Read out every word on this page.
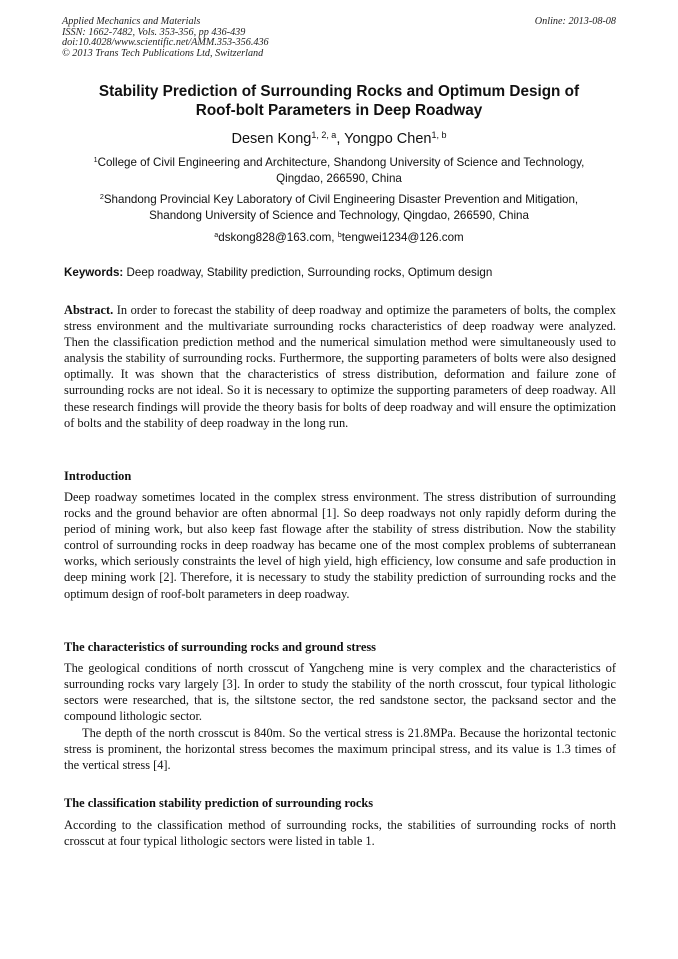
Applied Mechanics and Materials
ISSN: 1662-7482, Vols. 353-356, pp 436-439
doi:10.4028/www.scientific.net/AMM.353-356.436
© 2013 Trans Tech Publications Ltd, Switzerland
Online: 2013-08-08
Stability Prediction of Surrounding Rocks and Optimum Design of
Roof-bolt Parameters in Deep Roadway
Desen Kong$^{1, 2, a}$, Yongpo Chen$^{1, b}$
$^1$College of Civil Engineering and Architecture, Shandong University of Science and Technology,
Qingdao, 266590, China
$^2$Shandong Provincial Key Laboratory of Civil Engineering Disaster Prevention and Mitigation,
Shandong University of Science and Technology, Qingdao, 266590, China
$^a$dskong828@163.com, $^b$tengwei1234@126.com
Keywords: Deep roadway, Stability prediction, Surrounding rocks, Optimum design
Abstract. In order to forecast the stability of deep roadway and optimize the parameters of bolts, the complex stress environment and the multivariate surrounding rocks characteristics of deep roadway were analyzed. Then the classification prediction method and the numerical simulation method were simultaneously used to analysis the stability of surrounding rocks. Furthermore, the supporting parameters of bolts were also designed optimally. It was shown that the characteristics of stress distribution, deformation and failure zone of surrounding rocks are not ideal. So it is necessary to optimize the supporting parameters of deep roadway. All these research findings will provide the theory basis for bolts of deep roadway and will ensure the optimization of bolts and the stability of deep roadway in the long run.
Introduction
Deep roadway sometimes located in the complex stress environment. The stress distribution of surrounding rocks and the ground behavior are often abnormal [1]. So deep roadways not only rapidly deform during the period of mining work, but also keep fast flowage after the stability of stress distribution. Now the stability control of surrounding rocks in deep roadway has became one of the most complex problems of subterranean works, which seriously constraints the level of high yield, high efficiency, low consume and safe production in deep mining work [2]. Therefore, it is necessary to study the stability prediction of surrounding rocks and the optimum design of roof-bolt parameters in deep roadway.
The characteristics of surrounding rocks and ground stress
The geological conditions of north crosscut of Yangcheng mine is very complex and the characteristics of surrounding rocks vary largely [3]. In order to study the stability of the north crosscut, four typical lithologic sectors were researched, that is, the siltstone sector, the red sandstone sector, the packsand sector and the compound lithologic sector.
The depth of the north crosscut is 840m. So the vertical stress is 21.8MPa. Because the horizontal tectonic stress is prominent, the horizontal stress becomes the maximum principal stress, and its value is 1.3 times of the vertical stress [4].
The classification stability prediction of surrounding rocks
According to the classification method of surrounding rocks, the stabilities of surrounding rocks of north crosscut at four typical lithologic sectors were listed in table 1.
